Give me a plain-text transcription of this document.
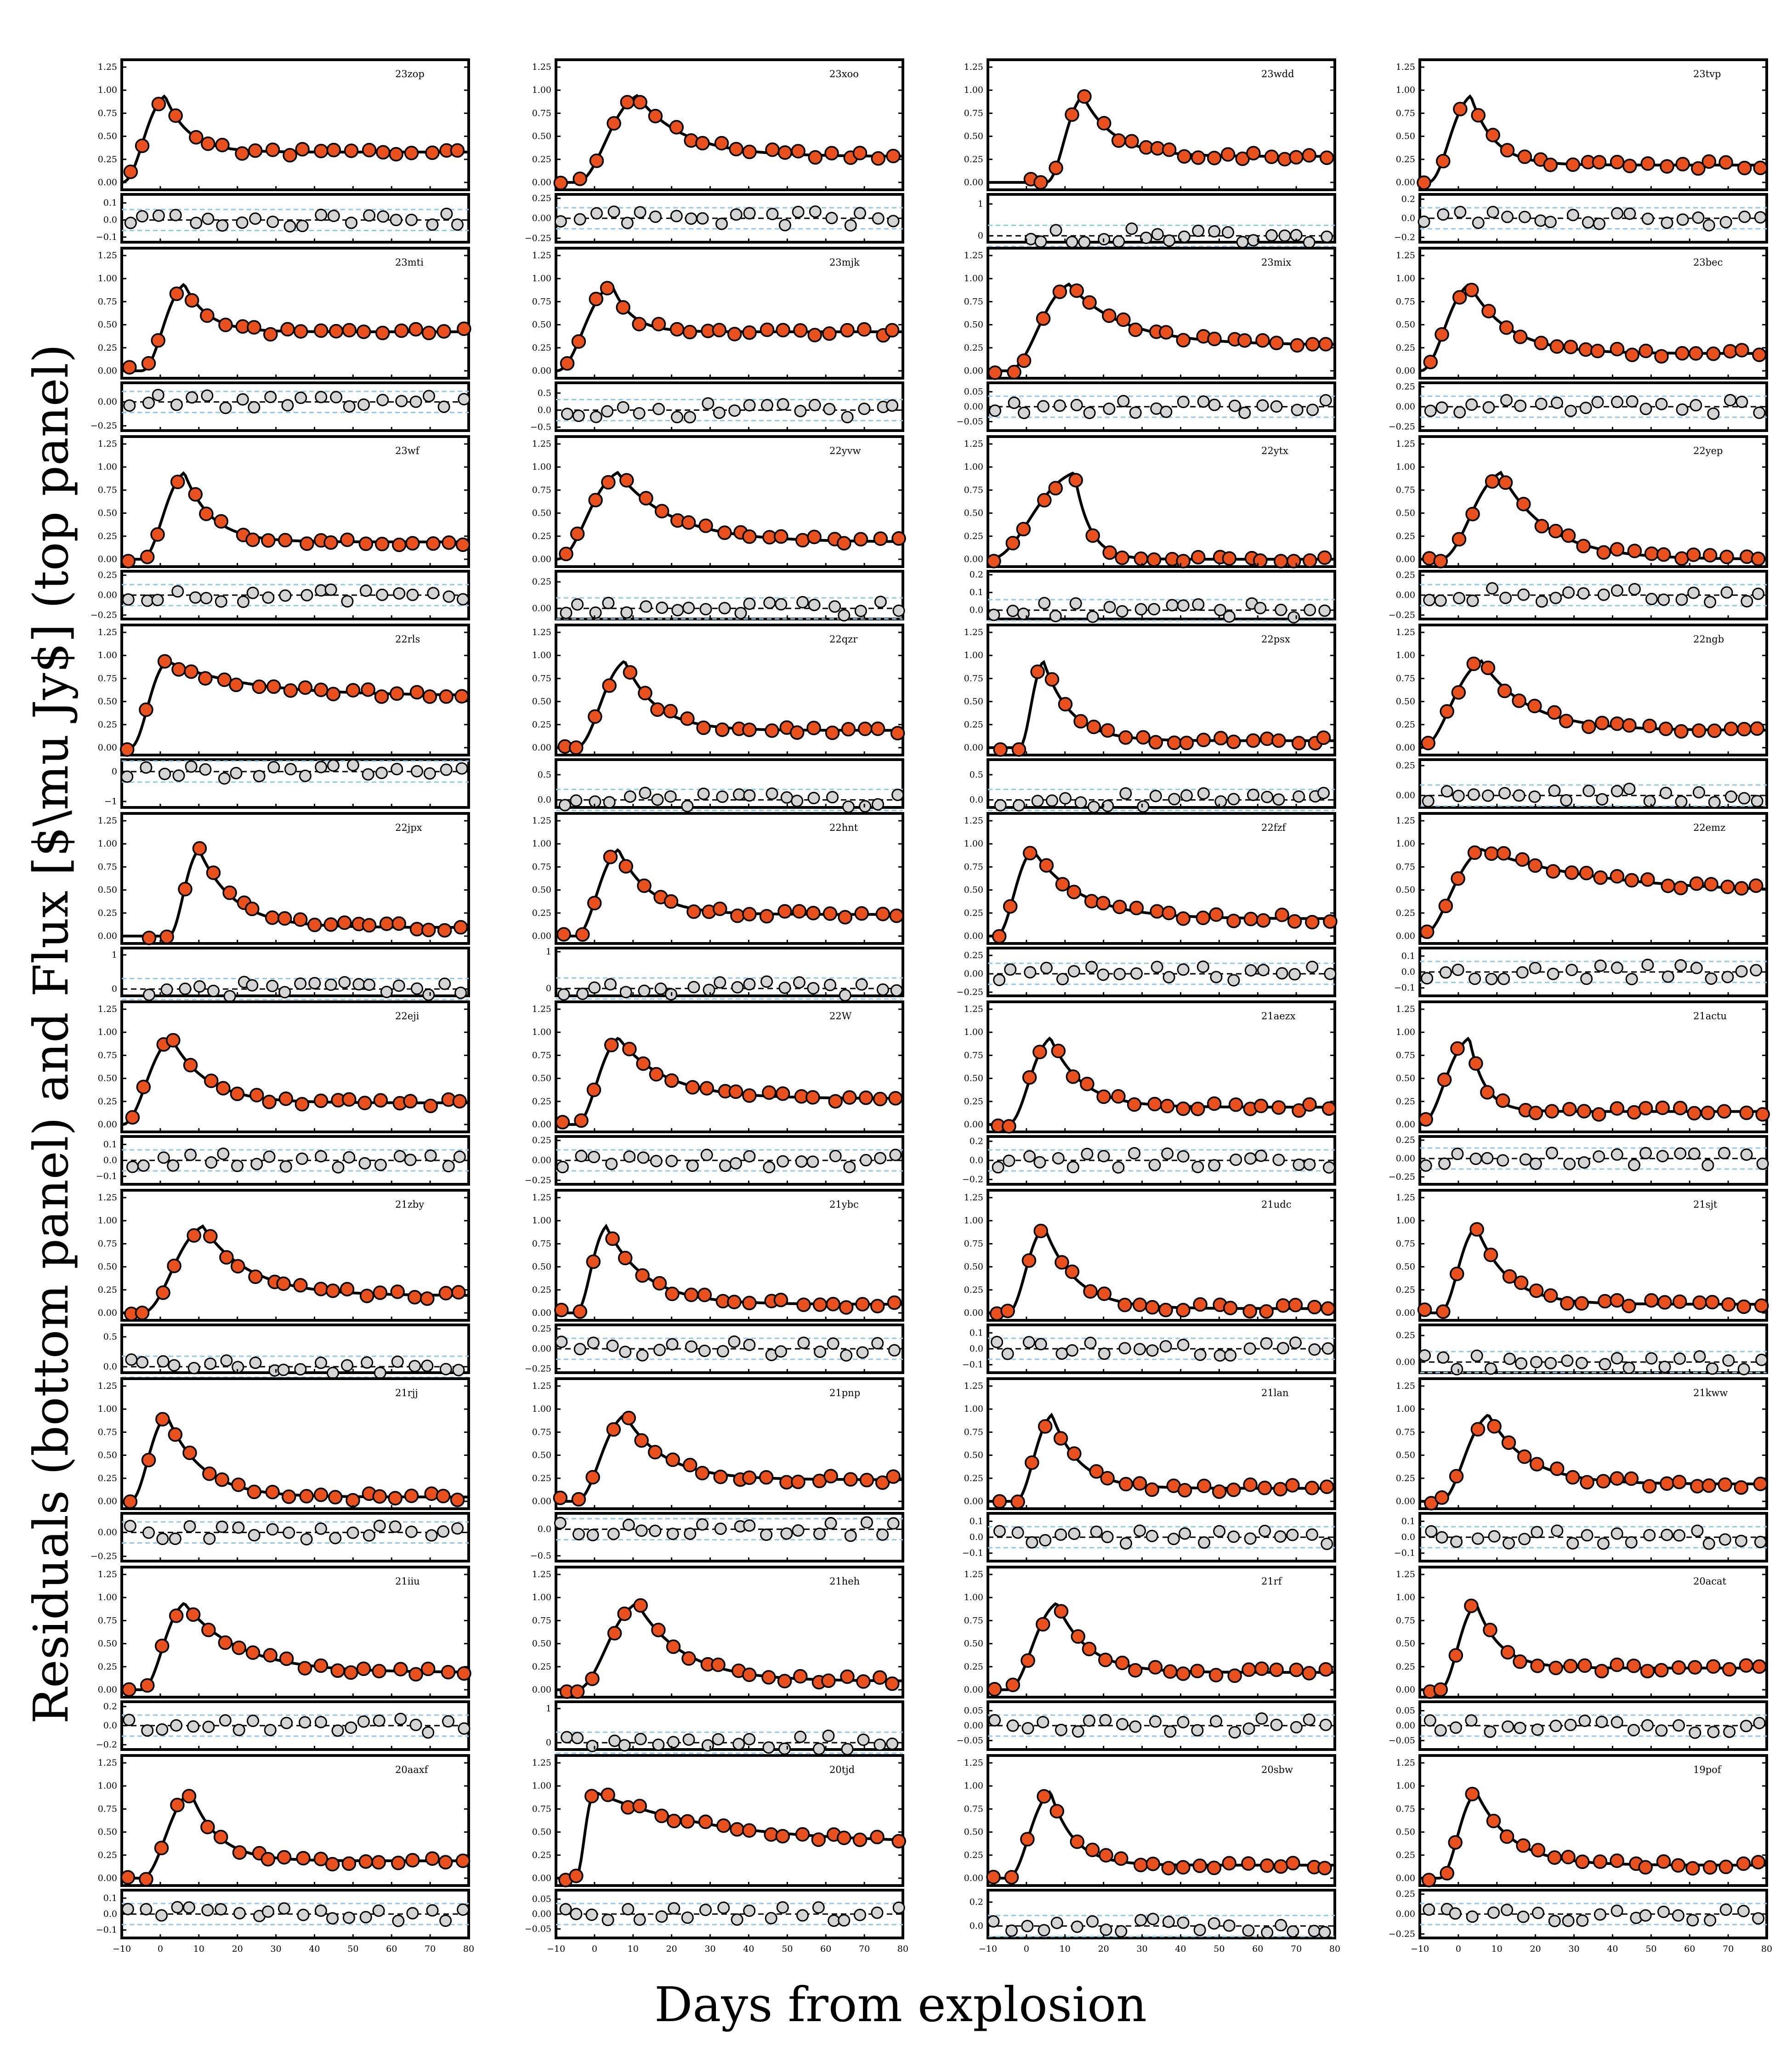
0.00
0.25
0.50
0.75
1.00
1.25
23zop
0.1
0.0
−0.1
0.00
0.25
0.50
0.75
1.00
1.25
23xoo
0.25
0.00
−0.25
0.00
0.25
0.50
0.75
1.00
1.25
23wdd
1
0
0.00
0.25
0.50
0.75
1.00
1.25
23tvp
0.2
0.0
−0.2
0.00
0.25
0.50
0.75
1.00
1.25
23mti
0.00
−0.25
0.00
0.25
0.50
0.75
1.00
1.25
23mjk
0.5
0.0
−0.5
0.00
0.25
0.50
0.75
1.00
1.25
23mix
0.05
0.00
−0.05
0.00
0.25
0.50
0.75
1.00
1.25
23bec
0.25
0.00
−0.25
0.00
0.25
0.50
0.75
1.00
1.25
23wf
0.25
0.00
−0.25
0.00
0.25
0.50
0.75
1.00
1.25
22yvw
0.25
0.00
0.00
0.25
0.50
0.75
1.00
1.25
22ytx
0.2
0.1
0.0
0.00
0.25
0.50
0.75
1.00
1.25
22yep
0.25
0.00
−0.25
0.00
0.25
0.50
0.75
1.00
1.25
22rls
0
−1
0.00
0.25
0.50
0.75
1.00
1.25
22qzr
0.5
0.0
0.00
0.25
0.50
0.75
1.00
1.25
22psx
0.5
0.0
0.00
0.25
0.50
0.75
1.00
1.25
22ngb
0.25
0.00
0.00
0.25
0.50
0.75
1.00
1.25
22jpx
1
0
0.00
0.25
0.50
0.75
1.00
1.25
22hnt
1
0
0.00
0.25
0.50
0.75
1.00
1.25
22fzf
0.25
0.00
−0.25
0.00
0.25
0.50
0.75
1.00
1.25
22emz
0.1
0.0
−0.1
0.00
0.25
0.50
0.75
1.00
1.25
22eji
0.1
0.0
−0.1
0.00
0.25
0.50
0.75
1.00
1.25
22W
0.25
0.00
−0.25
0.00
0.25
0.50
0.75
1.00
1.25
21aezx
0.2
0.0
−0.2
0.00
0.25
0.50
0.75
1.00
1.25
21actu
0.25
0.00
−0.25
0.00
0.25
0.50
0.75
1.00
1.25
21zby
0.5
0.0
0.00
0.25
0.50
0.75
1.00
1.25
21ybc
0.25
0.00
−0.25
0.00
0.25
0.50
0.75
1.00
1.25
21udc
0.1
0.0
−0.1
0.00
0.25
0.50
0.75
1.00
1.25
21sjt
0.25
0.00
0.00
0.25
0.50
0.75
1.00
1.25
21rjj
0.00
−0.25
0.00
0.25
0.50
0.75
1.00
1.25
21pnp
0.0
−0.5
0.00
0.25
0.50
0.75
1.00
1.25
21lan
0.1
0.0
−0.1
0.00
0.25
0.50
0.75
1.00
1.25
21kww
0.1
0.0
−0.1
0.00
0.25
0.50
0.75
1.00
1.25
21iiu
0.2
0.0
−0.2
0.00
0.25
0.50
0.75
1.00
1.25
21heh
1
0
0.00
0.25
0.50
0.75
1.00
1.25
21rf
0.05
0.00
−0.05
0.00
0.25
0.50
0.75
1.00
1.25
20acat
0.05
0.00
−0.05
0.00
0.25
0.50
0.75
1.00
1.25
20aaxf
0.1
0.0
−0.1
−10	0	10	20	30	40	50	60	70	80
0.00
0.25
0.50
0.75
1.00
1.25
20tjd
0.05
0.00
−0.05
−10	0	10	20	30	40	50	60	70	80
0.00
0.25
0.50
0.75
1.00
1.25
20sbw
0.2
0.0
−10	0	10	20	30	40	50	60	70	80
0.00
0.25
0.50
0.75
1.00
1.25
19pof
0.25
0.00
−0.25
−10	0	10	20	30	40	50	60	70	80
Residuals (bottom panel) and Flux [$\mu Jy$] (top panel)
Days from explosion
